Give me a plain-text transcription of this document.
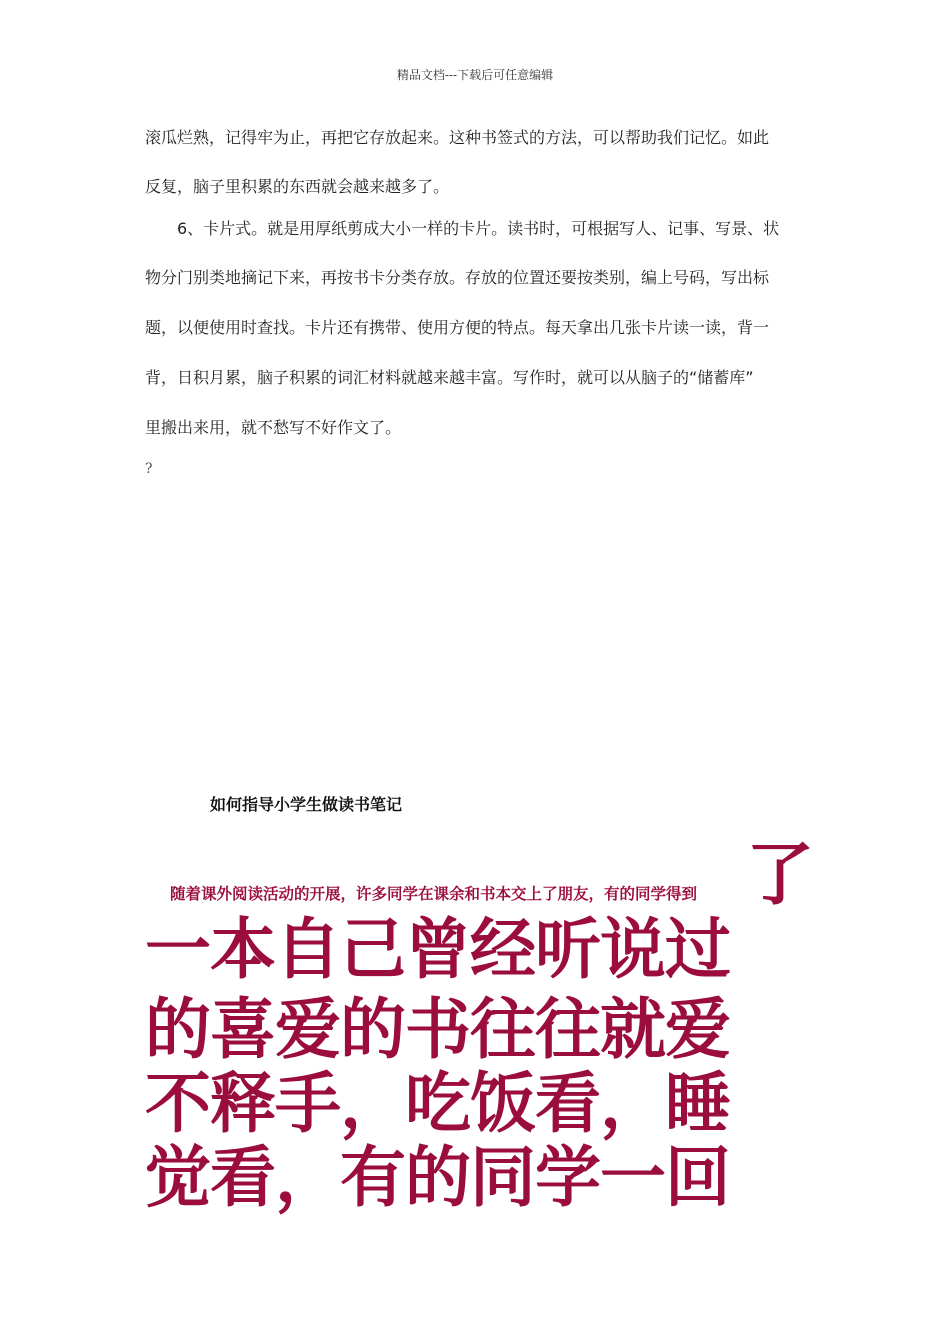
精品文档---下载后可任意编辑
滚瓜烂熟，记得牢为止，再把它存放起来。这种书签式的方法，可以帮助我们记忆。如此
反复，脑子里积累的东西就会越来越多了。
6、卡片式。就是用厚纸剪成大小一样的卡片。读书时，可根据写人、记事、写景、状
物分门别类地摘记下来，再按书卡分类存放。存放的位置还要按类别，编上号码，写出标
题，以便使用时查找。卡片还有携带、使用方便的特点。每天拿出几张卡片读一读，背一
背，日积月累，脑子积累的词汇材料就越来越丰富。写作时，就可以从脑子的“储蓄库”
里搬出来用，就不愁写不好作文了。
?
如何指导小学生做读书笔记
随着课外阅读活动的开展，许多同学在课余和书本交上了朋友，有的同学得到 了
一本自己曾经听说过
的喜爱的书往往就爱
不释手，吃饭看，睡
觉看，有的同学一回
